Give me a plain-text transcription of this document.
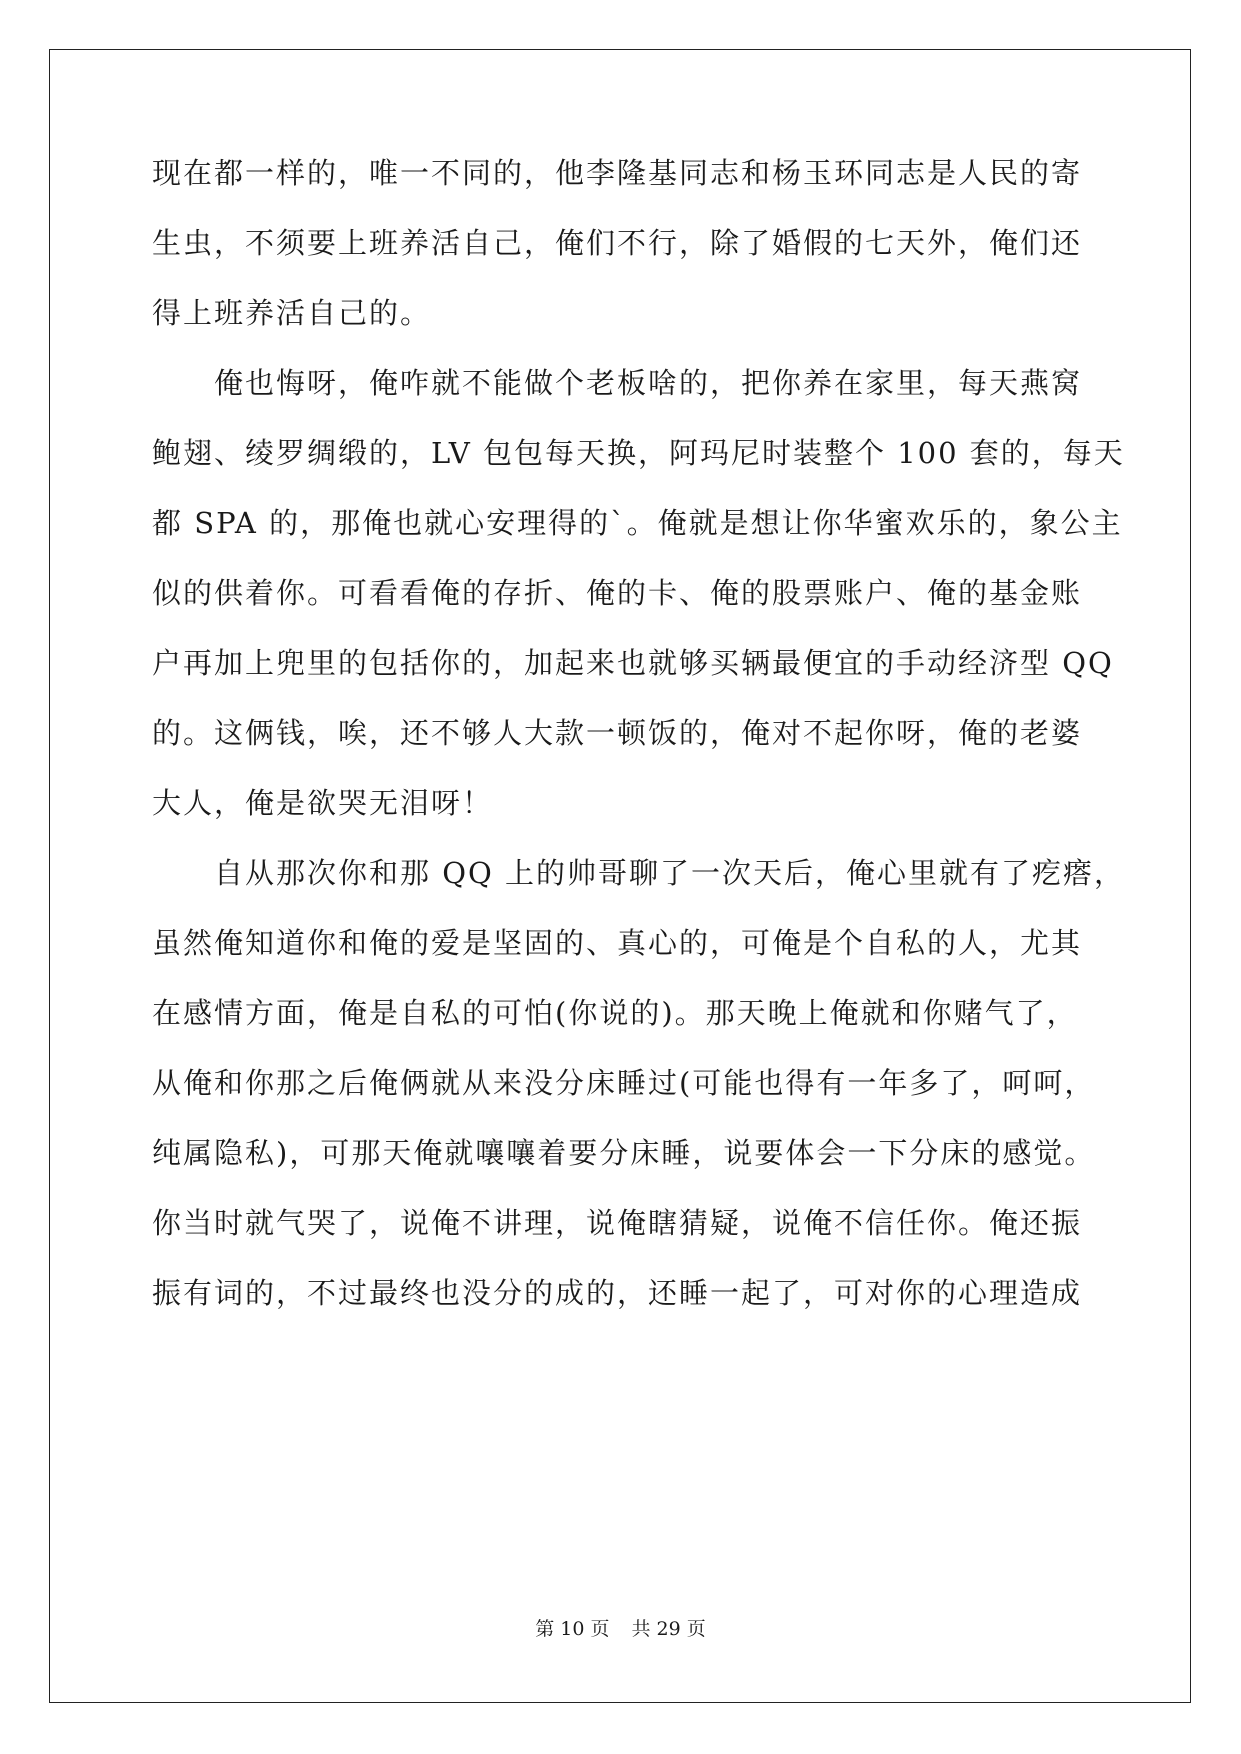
现在都一样的，唯一不同的，他李隆基同志和杨玉环同志是人民的寄
生虫，不须要上班养活自己，俺们不行，除了婚假的七天外，俺们还
得上班养活自己的。
　　俺也悔呀，俺咋就不能做个老板啥的，把你养在家里，每天燕窝
鲍翅、绫罗绸缎的，LV 包包每天换，阿玛尼时装整个 100 套的，每天
都 SPA 的，那俺也就心安理得的`。俺就是想让你华蜜欢乐的，象公主
似的供着你。可看看俺的存折、俺的卡、俺的股票账户、俺的基金账
户再加上兜里的包括你的，加起来也就够买辆最便宜的手动经济型 QQ
的。这俩钱，唉，还不够人大款一顿饭的，俺对不起你呀，俺的老婆
大人，俺是欲哭无泪呀！
　　自从那次你和那 QQ 上的帅哥聊了一次天后，俺心里就有了疙瘩，
虽然俺知道你和俺的爱是坚固的、真心的，可俺是个自私的人，尤其
在感情方面，俺是自私的可怕(你说的)。那天晚上俺就和你赌气了，
从俺和你那之后俺俩就从来没分床睡过(可能也得有一年多了，呵呵，
纯属隐私)，可那天俺就嚷嚷着要分床睡，说要体会一下分床的感觉。
你当时就气哭了，说俺不讲理，说俺瞎猜疑，说俺不信任你。俺还振
振有词的，不过最终也没分的成的，还睡一起了，可对你的心理造成
第 10 页 共 29 页
